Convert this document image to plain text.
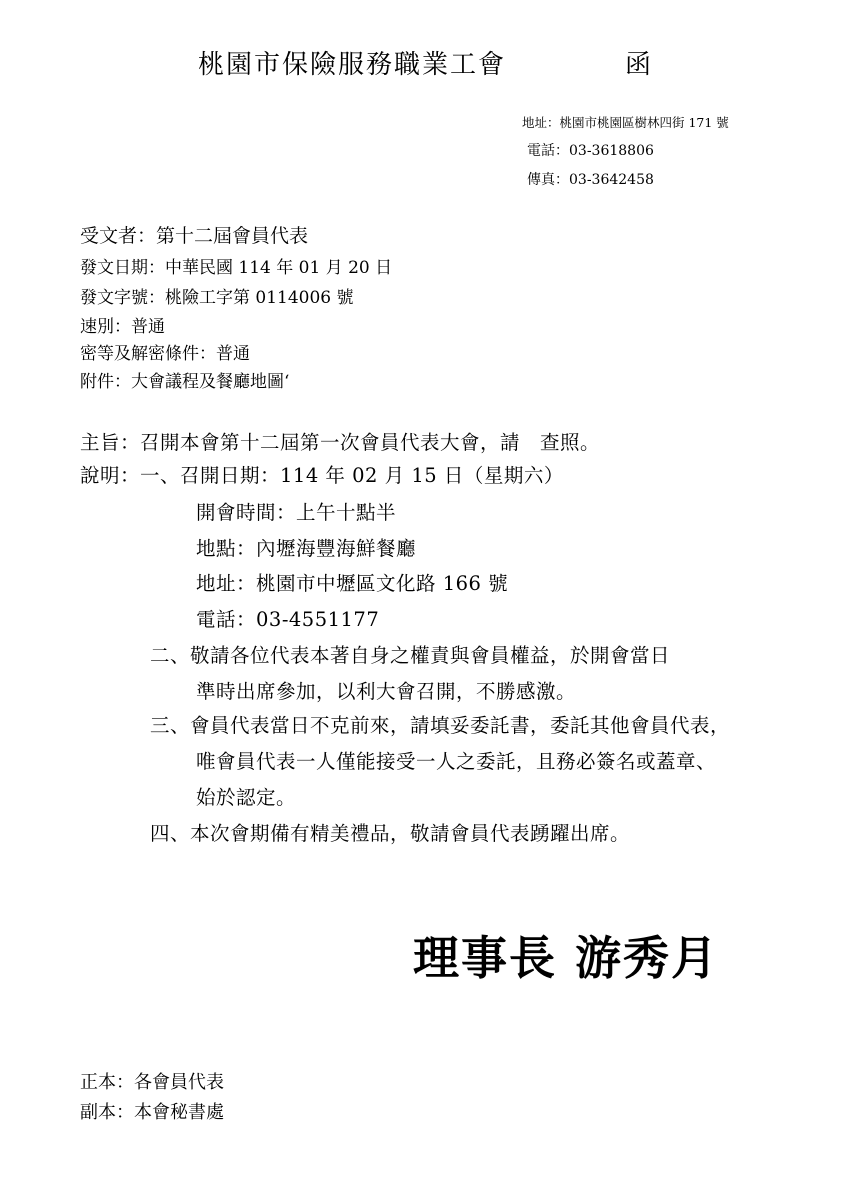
桃園市保險服務職業工會	函
地址：桃園市桃園區樹林四街 171 號
電話：03-3618806
傳真：03-3642458
受文者：第十二屆會員代表
發文日期：中華民國 114 年 01 月 20 日
發文字號：桃險工字第 0114006 號
速別：普通
密等及解密條件：普通
附件：大會議程及餐廳地圖‘
主旨：召開本會第十二屆第一次會員代表大會，請　查照。
說明：一、召開日期：114 年 02 月 15 日（星期六）
開會時間：上午十點半
地點：內壢海豐海鮮餐廳
地址：桃園市中壢區文化路 166 號
電話：03-4551177
二、敬請各位代表本著自身之權責與會員權益，於開會當日
準時出席參加，以利大會召開，不勝感激。
三、會員代表當日不克前來，請填妥委託書，委託其他會員代表，
唯會員代表一人僅能接受一人之委託，且務必簽名或蓋章、
始於認定。
四、本次會期備有精美禮品，敬請會員代表踴躍出席。
理事長 游秀月
正本：各會員代表
副本：本會秘書處
